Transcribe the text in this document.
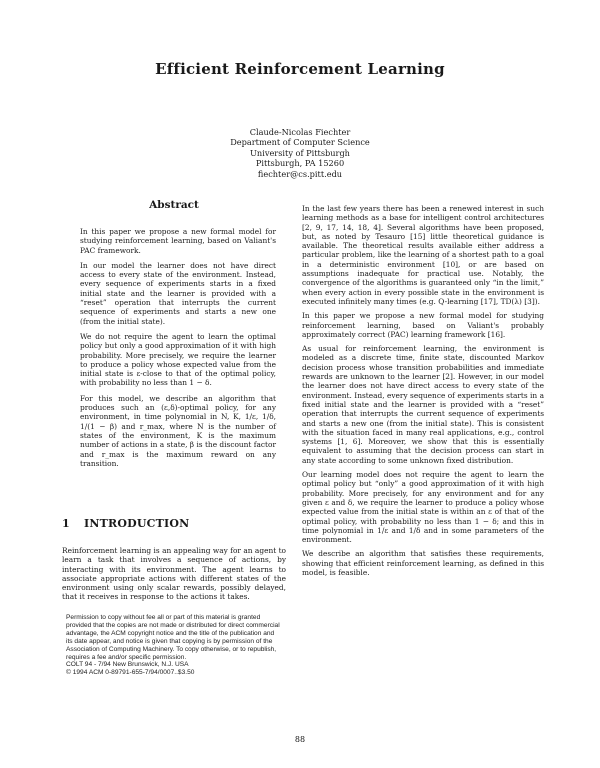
Efficient Reinforcement Learning
Claude-Nicolas Fiechter
Department of Computer Science
University of Pittsburgh
Pittsburgh, PA 15260
fiechter@cs.pitt.edu
Abstract

In this paper we propose a new formal model for studying reinforcement learning, based on Valiant's PAC framework.

In our model the learner does not have direct access to every state of the environment. Instead, every sequence of experiments starts in a fixed initial state and the learner is provided with a “reset” operation that interrupts the current sequence of experiments and starts a new one (from the initial state).

We do not require the agent to learn the optimal policy but only a good approximation of it with high probability. More precisely, we require the learner to produce a policy whose expected value from the initial state is ε-close to that of the optimal policy, with probability no less than 1 − δ.

For this model, we describe an algorithm that produces such an (ε,δ)-optimal policy, for any environment, in time polynomial in N, K, 1/ε, 1/δ, 1/(1 − β) and r_max, where N is the number of states of the environment, K is the maximum number of actions in a state, β is the discount factor and r_max is the maximum reward on any transition.

1 INTRODUCTION

Reinforcement learning is an appealing way for an agent to learn a task that involves a sequence of actions, by interacting with its environment. The agent learns to associate appropriate actions with different states of the environment using only scalar rewards, possibly delayed, that it receives in response to the actions it takes.

Permission to copy without fee all or part of this material is granted provided that the copies are not made or distributed for direct commercial advantage, the ACM copyright notice and the title of the publication and its date appear, and notice is given that copying is by permission of the Association of Computing Machinery. To copy otherwise, or to republish, requires a fee and/or specific permission.

COLT 94 - 7/94 New Brunswick, N.J. USA

© 1994 ACM 0-89791-655-7/94/0007..$3.50

In the last few years there has been a renewed interest in such learning methods as a base for intelligent control architectures [2, 9, 17, 14, 18, 4]. Several algorithms have been proposed, but, as noted by Tesauro [15] little theoretical guidance is available. The theoretical results available either address a particular problem, like the learning of a shortest path to a goal in a deterministic environment [10], or are based on assumptions inadequate for practical use. Notably, the convergence of the algorithms is guaranteed only “in the limit,” when every action in every possible state in the environment is executed infinitely many times (e.g. Q-learning [17], TD(λ) [3]).

In this paper we propose a new formal model for studying reinforcement learning, based on Valiant's probably approximately correct (PAC) learning framework [16].

As usual for reinforcement learning, the environment is modeled as a discrete time, finite state, discounted Markov decision process whose transition probabilities and immediate rewards are unknown to the learner [2]. However, in our model the learner does not have direct access to every state of the environment. Instead, every sequence of experiments starts in a fixed initial state and the learner is provided with a “reset” operation that interrupts the current sequence of experiments and starts a new one (from the initial state). This is consistent with the situation faced in many real applications, e.g., control systems [1, 6]. Moreover, we show that this is essentially equivalent to assuming that the decision process can start in any state according to some unknown fixed distribution.

Our learning model does not require the agent to learn the optimal policy but “only” a good approximation of it with high probability. More precisely, for any environment and for any given ε and δ, we require the learner to produce a policy whose expected value from the initial state is within an ε of that of the optimal policy, with probability no less than 1 − δ; and this in time polynomial in 1/ε and 1/δ and in some parameters of the environment.

We describe an algorithm that satisfies these requirements, showing that efficient reinforcement learning, as defined in this model, is feasible.

88
